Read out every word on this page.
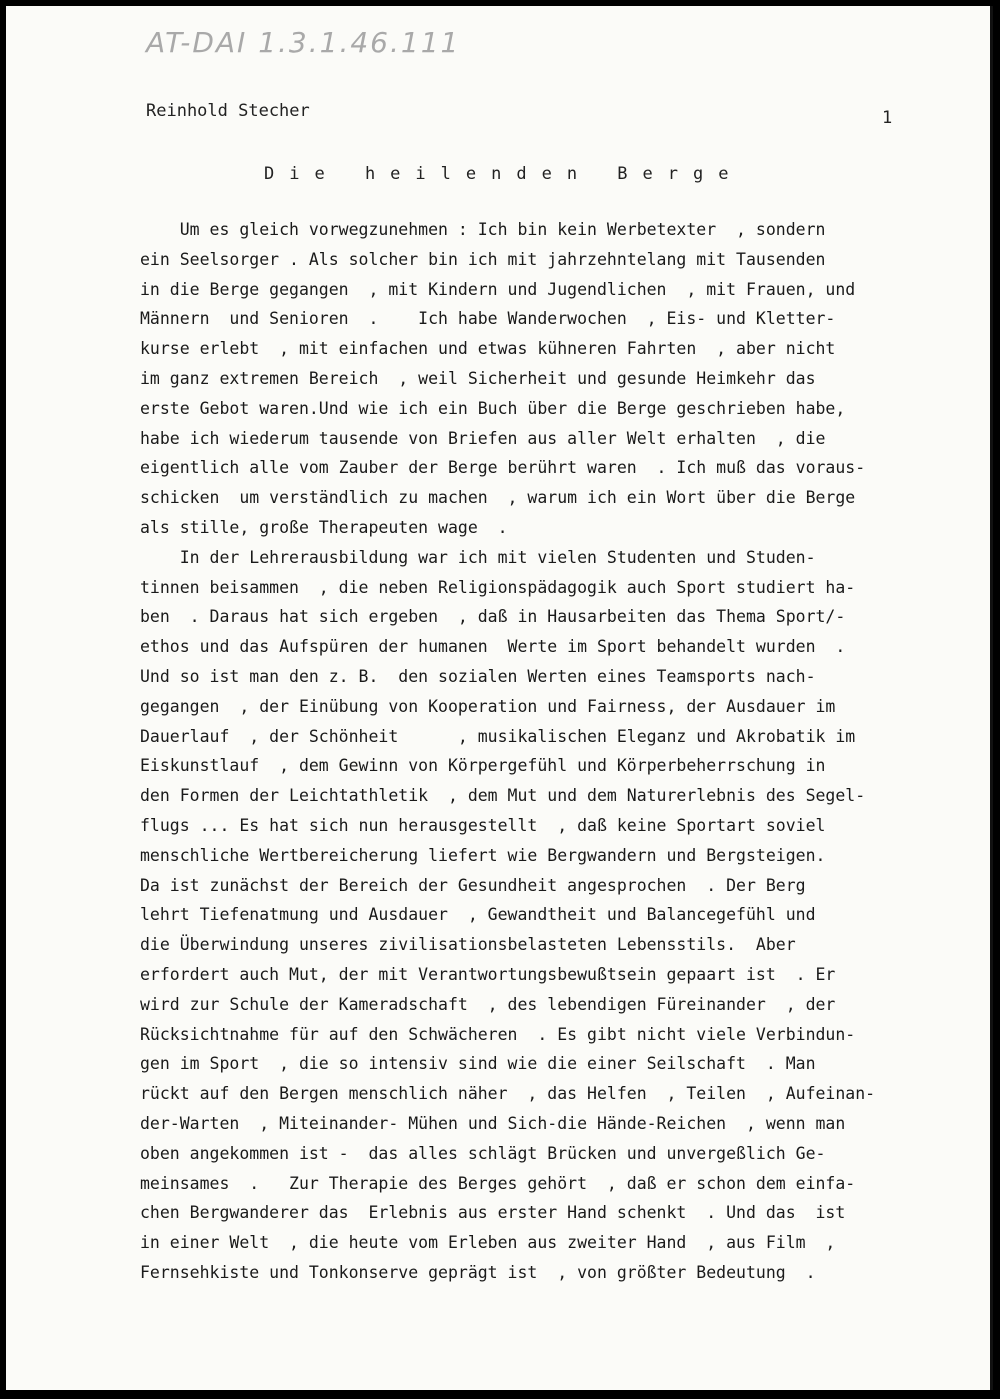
AT-DAI 1.3.1.46.111
Reinhold Stecher	1
Die heilenden Berge
Um es gleich vorwegzunehmen : Ich bin kein Werbetexter  , sondern
ein Seelsorger . Als solcher bin ich mit jahrzehntelang mit Tausenden
in die Berge gegangen  , mit Kindern und Jugendlichen  , mit Frauen, und
Männern  und Senioren  .    Ich habe Wanderwochen  , Eis- und Kletter-
kurse erlebt  , mit einfachen und etwas kühneren Fahrten  , aber nicht
im ganz extremen Bereich  , weil Sicherheit und gesunde Heimkehr das
erste Gebot waren.Und wie ich ein Buch über die Berge geschrieben habe,
habe ich wiederum tausende von Briefen aus aller Welt erhalten  , die
eigentlich alle vom Zauber der Berge berührt waren  . Ich muß das voraus-
schicken  um verständlich zu machen  , warum ich ein Wort über die Berge
als stille, große Therapeuten wage  .
In der Lehrerausbildung war ich mit vielen Studenten und Studen-
tinnen beisammen  , die neben Religionspädagogik auch Sport studiert ha-
ben  . Daraus hat sich ergeben  , daß in Hausarbeiten das Thema Sport/-
ethos und das Aufspüren der humanen  Werte im Sport behandelt wurden  .
Und so ist man den z. B.  den sozialen Werten eines Teamsports nach-
gegangen  , der Einübung von Kooperation und Fairness, der Ausdauer im
Dauerlauf  , der Schönheit      , musikalischen Eleganz und Akrobatik im
Eiskunstlauf  , dem Gewinn von Körpergefühl und Körperbeherrschung in
den Formen der Leichtathletik  , dem Mut und dem Naturerlebnis des Segel-
flugs ... Es hat sich nun herausgestellt  , daß keine Sportart soviel
menschliche Wertbereicherung liefert wie Bergwandern und Bergsteigen.
Da ist zunächst der Bereich der Gesundheit angesprochen  . Der Berg
lehrt Tiefenatmung und Ausdauer  , Gewandtheit und Balancegefühl und
die Überwindung unseres zivilisationsbelasteten Lebensstils.  Aber
erfordert auch Mut, der mit Verantwortungsbewußtsein gepaart ist  . Er
wird zur Schule der Kameradschaft  , des lebendigen Füreinander  , der
Rücksichtnahme für auf den Schwächeren  . Es gibt nicht viele Verbindun-
gen im Sport  , die so intensiv sind wie die einer Seilschaft  . Man
rückt auf den Bergen menschlich näher  , das Helfen  , Teilen  , Aufeinan-
der-Warten  , Miteinander- Mühen und Sich-die Hände-Reichen  , wenn man
oben angekommen ist -  das alles schlägt Brücken und unvergeßlich Ge-
meinsames  .   Zur Therapie des Berges gehört  , daß er schon dem einfa-
chen Bergwanderer das  Erlebnis aus erster Hand schenkt  . Und das  ist
in einer Welt  , die heute vom Erleben aus zweiter Hand  , aus Film  ,
Fernsehkiste und Tonkonserve geprägt ist  , von größter Bedeutung  .
